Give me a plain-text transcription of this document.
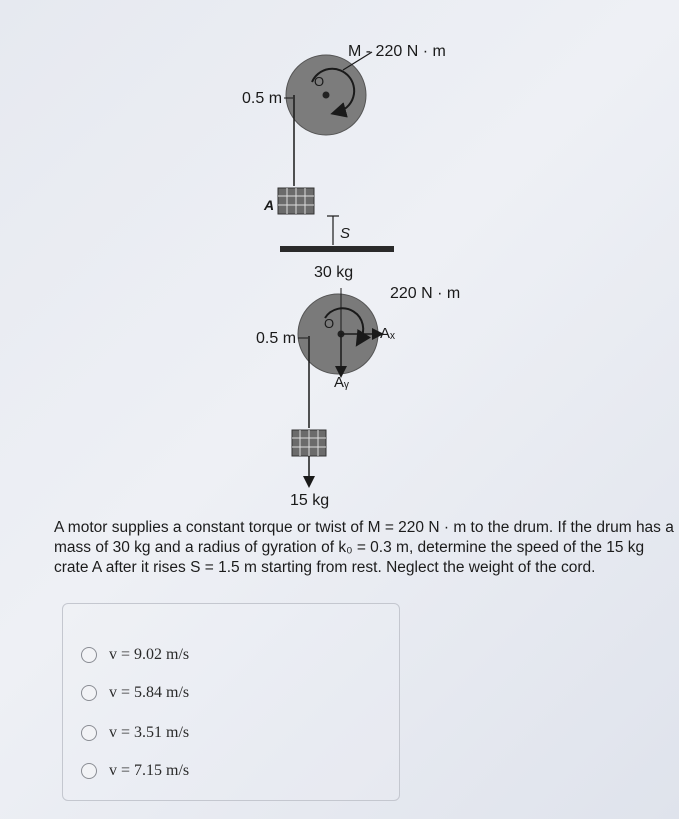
M - 220 N · m
0.5 m
O
A
S
30 kg
220 N · m
O
Aₓ
Aᵧ
0.5 m
15 kg
A motor supplies a constant torque or twist of M = 220 N · m to the drum. If the drum has a mass of 30 kg and a radius of gyration of k₀ = 0.3 m, determine the speed of the 15 kg crate A after it rises S = 1.5 m starting from rest. Neglect the weight of the cord.
v = 9.02 m/s
v = 5.84 m/s
v = 3.51 m/s
v = 7.15 m/s
